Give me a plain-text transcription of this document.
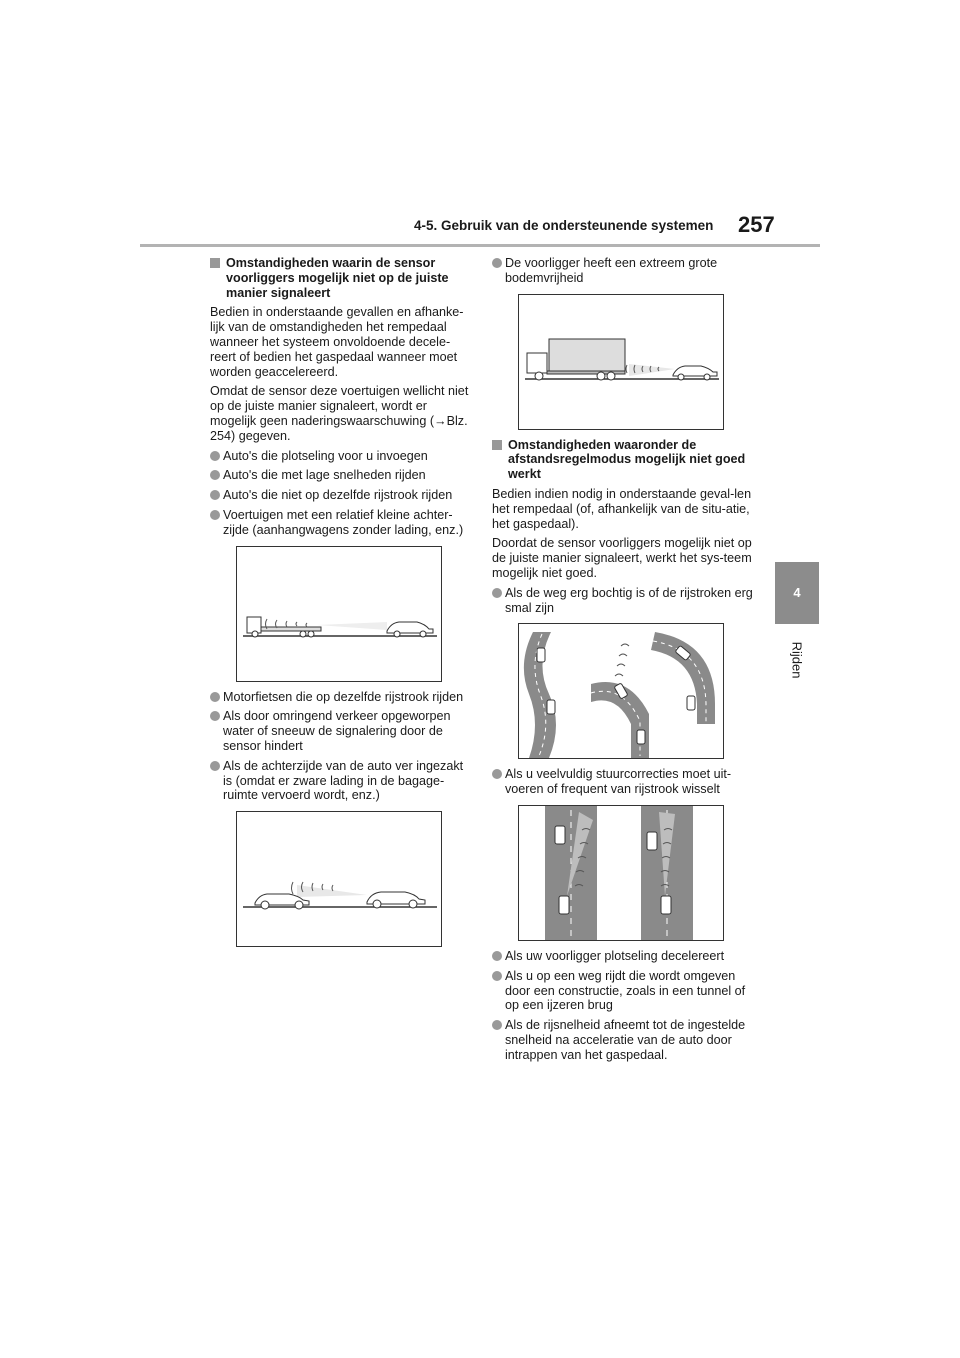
4-5. Gebruik van de ondersteunende systemen 257
4
Rijden
Omstandigheden waarin de sensor voorliggers mogelijk niet op de juiste manier signaleert

Bedien in onderstaande gevallen en afhanke-lijk van de omstandigheden het rempedaal wanneer het systeem onvoldoende decele-reert of bedien het gaspedaal wanneer moet worden geaccelereerd.

Omdat de sensor deze voertuigen wellicht niet op de juiste manier signaleert, wordt er mogelijk geen naderingswaarschuwing (→Blz. 254) gegeven.

Auto's die plotseling voor u invoegen
Auto's die met lage snelheden rijden
Auto's die niet op dezelfde rijstrook rijden
Voertuigen met een relatief kleine achter-zijde (aanhangwagens zonder lading, enz.)
Motorfietsen die op dezelfde rijstrook rijden
Als door omringend verkeer opgeworpen water of sneeuw de signalering door de sensor hindert
Als de achterzijde van de auto ver ingezakt is (omdat er zware lading in de bagage-ruimte vervoerd wordt, enz.)
De voorligger heeft een extreem grote bodemvrijheid
Omstandigheden waaronder de afstandsregelmodus mogelijk niet goed werkt

Bedien indien nodig in onderstaande geval-len het rempedaal (of, afhankelijk van de situ-atie, het gaspedaal).

Doordat de sensor voorliggers mogelijk niet op de juiste manier signaleert, werkt het sys-teem mogelijk niet goed.

Als de weg erg bochtig is of de rijstroken erg smal zijn
Als u veelvuldig stuurcorrecties moet uit-voeren of frequent van rijstrook wisselt
Als uw voorligger plotseling decelereert
Als u op een weg rijdt die wordt omgeven door een constructie, zoals in een tunnel of op een ijzeren brug
Als de rijsnelheid afneemt tot de ingestelde snelheid na acceleratie van de auto door intrappen van het gaspedaal.
